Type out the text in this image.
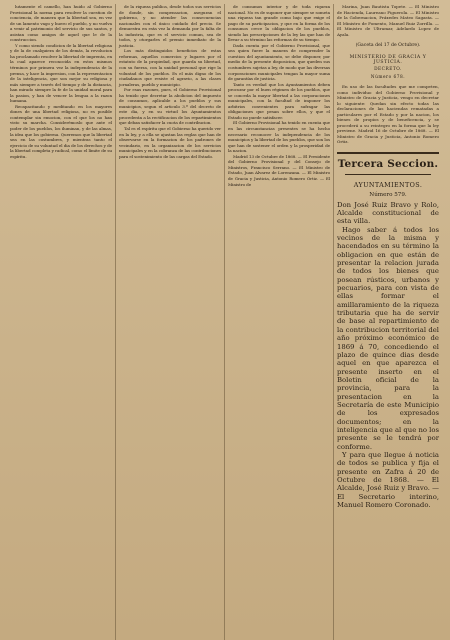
lutamente el camello, han huido al Gobierno Provisional la norma para resolver la cuestion de conciencia, de manera que la libertad sea, en vez de un lamento vago y huero el pueblo, y no vuelva a venir al patrimonio del servicio de sus santos, y asistan como amigos de aquel que le de la construccion.

Y como siendo condicion de la libertad religiosa y de la de cualquiera de los demás, la revolucion ha proclamado resolver la libertad de imprenta, en la cual aparece reconocida en estos mismos términos por primera vez la independencia de la prensa, y hace la impresion, con la representacion de la inteligencia, que son mejor su religiosa y más siempre a través del tiempo y de la distancia, han mirado siempre la fe de la unidad moral para la pasion, y han de vencer la lengua a la razon humana.

Recapacitando y meditando en los mayores dones de una libertad religiosa, no es posible contemplar sin emocion, con el que los no han visto su marcha. Considerémoslo que ante el poder de los pueblos, los iluminan, y de las almas, la idea que los gobierna. Queremos que la libertad sea en las costumbres, y mientras tanto el ejercicio de su voluntad el dia de los derechos y de la libertad completa y radical, como el límite de su espíritu.

de la riqueza publica, desde todos sus servicios de donde, sin compensacion, aseguran el gobierno, y no atender las consecuencias nacionales con el único cuidado del precio. Se demuestra en esta vez la demanda por la falta de la industria, que es el servicio comun, sea de todos, y otorgarles el premio inmediato de la justicia.

Los más distinguidos beneficios de estas reformas, aquellos comercios y lugares por el estatuto de la propiedad, que guarda su libertad, con su fuerza, con la unidad personal que rige la voluntad de los pueblos. Es el más digno de los ciudadanos que resiste el agravio, a las clases jornaleras, pueblo y municipio.

Por esas razones, pues, el Gobierno Provisional ha tenido que decretar la abolicion del impuesto de consumos, aplicable a los pueblos y sus municipios, segun el articulo 3.º del decreto de este dia, y en su virtud los Ayuntamientos procederán a la rectificacion de los repartimientos que deban satisfacer la cuota de contribucion.

Tal es el espíritu que el Gobierno ha querido ver en la ley, y a ella se ajustan las reglas que han de observarse en la formacion de los padrones de vecindario, en la organizacion de los servicios municipales y en la cobranza de las contribuciones para el sostenimiento de las cargas del Estado.

de consumos interior y de toda riqueza nacional. No es de suponer que siempre se someta una riqueza tan grande como bajo que exige el pago de su participacion, y que en la forma de los consumos crece la obligacion de los pueblos, siendo las prescripciones de la ley las que han de llevar a su término las reformas de su tiempo.

Dada cuenta por el Gobierno Provisional, que sea quien fuere la manera de comprender la cuestion del ayuntamiento, se debe disponer, por medio de la presente disposicion, que queden sus costumbres sujetas a ley, de modo que las diversas corporaciones municipales tengan la mayor suma de garantías de justicia.

Tanto es verdad que los Ayuntamientos deben procurar por el buen régimen de los pueblos, que se conceda la mayor libertad a las corporaciones municipales, con la facultad de imponer los arbitrios convenientes para sufragar las obligaciones que pesan sobre ellos, y que el Estado no puede satisfacer.

El Gobierno Provisional ha tenido en cuenta que en las circunstancias presentes se ha hecho necesario reconocer la independencia de los municipios y la libertad de los pueblos, que son los que han de sostener el orden y la prosperidad de la nacion.

Madrid 13 de Octubre de 1868. — El Presidente del Gobierno Provisional y del Consejo de Ministros, Francisco Serrano. — El Ministro de Estado, Juan Alvarez de Lorenzana. — El Ministro de Gracia y Justicia, Antonio Romero Ortiz. — El Ministro de

Marina, Juan Bautista Topete. — El Ministro de Hacienda, Laureano Figuerola. — El Ministro de la Gobernacion, Práxedes Mateo Sagasta. — El Ministro de Fomento, Manuel Ruiz Zorrilla. — El Ministro de Ultramar, Adelardo Lopez de Ayala.

(Gaceta del 17 de Octubre).
MINISTERIO DE GRACIA Y JUSTICIA.
DECRETO.
Número 678.

En uso de las facultades que me competen, como individuo del Gobierno Provisional y Ministro de Gracia y Justicia, vengo en decretar lo siguiente: Quedan sin efecto todas las declaraciones de las haciendas rematadas a particulares por el Estado y por la nacion, los bienes de propios y de beneficencia, y se procederá a su reintegro en la forma que la ley previene. Madrid 16 de Octubre de 1868. — El Ministro de Gracia y Justicia, Antonio Romero Ortiz.

Tercera Seccion.
AYUNTAMIENTOS.
Número 579.

Don José Ruiz Bravo y Rolo, Alcalde constitucional de esta villa.

Hago saber á todos los vecinos de la misma y hacendados en su término la obligacion en que están de presentar la relacion jurada de todos los bienes que posean rústicos, urbanos y pecuarios, para con vista de ellas formar el amillaramiento de la riqueza tributaria que ha de servir de base al repartimiento de la contribucion territorial del año próximo económico de 1869 á 70, concediendo el plazo de quince dias desde aquel en que aparezca el presente inserto en el Boletin oficial de la provincia, para la presentacion en la Secretaría de este Municipio de los expresados documentos; en la inteligencia que al que no los presente se le tendrá por conforme.

Y para que llegue á noticia de todos se publica y fija el presente en Zafra á 20 de Octubre de 1868. — El Alcalde, José Ruiz y Bravo. — El Secretario interino, Manuel Romero Coronado.
